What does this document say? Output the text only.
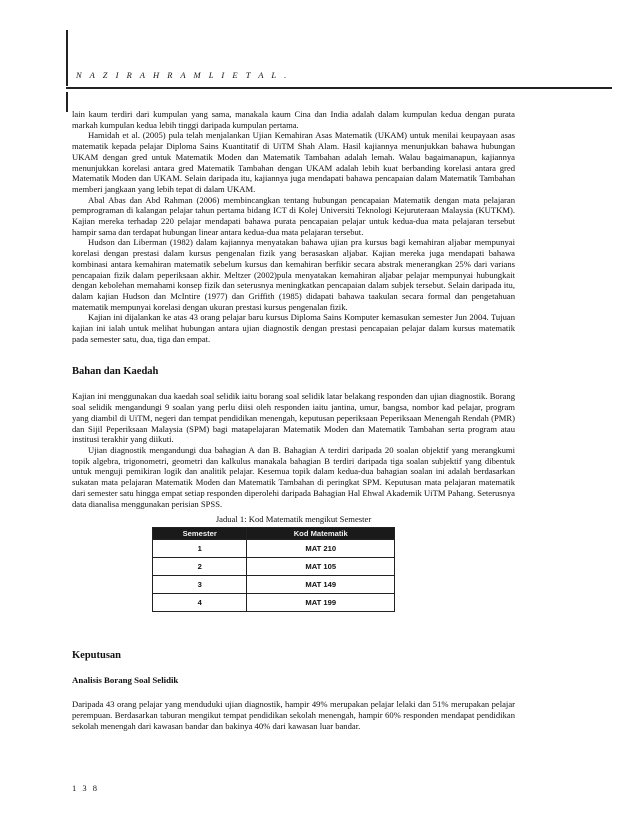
N A Z I R A H R A M L I E T A L .

lain kaum terdiri dari kumpulan yang sama, manakala kaum Cina dan India adalah dalam kumpulan kedua dengan purata markah kumpulan kedua lebih tinggi daripada kumpulan pertama.

Hamidah et al. (2005) pula telah menjalankan Ujian Kemahiran Asas Matematik (UKAM) untuk menilai keupayaan asas matematik kepada pelajar Diploma Sains Kuantitatif di UiTM Shah Alam. Hasil kajiannya menunjukkan bahawa hubungan UKAM dengan gred untuk Matematik Moden dan Matematik Tambahan adalah lemah. Walau bagaimanapun, kajiannya menunjukkan korelasi antara gred Matematik Tambahan dengan UKAM adalah lebih kuat berbanding korelasi antara gred Matematik Moden dan UKAM. Selain daripada itu, kajiannya juga mendapati bahawa pencapaian dalam Matematik Tambahan memberi jangkaan yang lebih tepat di dalam UKAM.

Abal Abas dan Abd Rahman (2006) membincangkan tentang hubungan pencapaian Matematik dengan mata pelajaran pemprograman di kalangan pelajar tahun pertama bidang ICT di Kolej Universiti Teknologi Kejuruteraan Malaysia (KUTKM). Kajian mereka terhadap 220 pelajar mendapati bahawa purata pencapaian pelajar untuk kedua-dua mata pelajaran tersebut hampir sama dan terdapat hubungan linear antara kedua-dua mata pelajaran tersebut.

Hudson dan Liberman (1982) dalam kajiannya menyatakan bahawa ujian pra kursus bagi kemahiran aljabar mempunyai korelasi dengan prestasi dalam kursus pengenalan fizik yang berasaskan aljabar. Kajian mereka juga mendapati bahawa kombinasi antara kemahiran matematik sebelum kursus dan kemahiran berfikir secara abstrak menerangkan 25% dari varians pencapaian fizik dalam peperiksaan akhir. Meltzer (2002)pula menyatakan kemahiran aljabar pelajar mempunyai hubungkait dengan kebolehan memahami konsep fizik dan seterusnya meningkatkan pencapaian dalam subjek tersebut. Selain daripada itu, dalam kajian Hudson dan McIntire (1977) dan Griffith (1985) didapati bahawa taakulan secara formal dan pengetahuan matematik mempunyai korelasi dengan ukuran prestasi kursus pengenalan fizik.

Kajian ini dijalankan ke atas 43 orang pelajar baru kursus Diploma Sains Komputer kemasukan semester Jun 2004. Tujuan kajian ini ialah untuk melihat hubungan antara ujian diagnostik dengan prestasi pencapaian pelajar dalam kursus matematik pada semester satu, dua, tiga dan empat.

Bahan dan Kaedah

Kajian ini menggunakan dua kaedah soal selidik iaitu borang soal selidik latar belakang responden dan ujian diagnostik. Borang soal selidik mengandungi 9 soalan yang perlu diisi oleh responden iaitu jantina, umur, bangsa, nombor kad pelajar, program yang diambil di UiTM, negeri dan tempat pendidikan menengah, keputusan peperiksaan Peperiksaan Menengah Rendah (PMR) dan Sijil Peperiksaan Malaysia (SPM) bagi matapelajaran Matematik Moden dan Matematik Tambahan serta program atau institusi terakhir yang diikuti.

Ujian diagnostik mengandungi dua bahagian A dan B. Bahagian A terdiri daripada 20 soalan objektif yang merangkumi topik algebra, trigonometri, geometri dan kalkulus manakala bahagian B terdiri daripada tiga soalan subjektif yang dibentuk untuk menguji pemikiran logik dan analitik pelajar. Kesemua topik dalam kedua-dua bahagian soalan ini adalah berdasarkan sukatan mata pelajaran Matematik Moden dan Matematik Tambahan di peringkat SPM. Keputusan mata pelajaran matematik dari semester satu hingga empat setiap responden diperolehi daripada Bahagian Hal Ehwal Akademik UiTM Pahang. Seterusnya data dianalisa menggunakan perisian SPSS.

Jadual 1: Kod Matematik mengikut Semester
Semester	Kod Matematik
1	MAT 210
2	MAT 105
3	MAT 149
4	MAT 199
Keputusan
Analisis Borang Soal Selidik

Daripada 43 orang pelajar yang menduduki ujian diagnostik, hampir 49% merupakan pelajar lelaki dan 51% merupakan pelajar perempuan. Berdasarkan taburan mengikut tempat pendidikan sekolah menengah, hampir 60% responden mendapat pendidikan sekolah menengah dari kawasan bandar dan bakinya 40% dari kawasan luar bandar.

1 3 8
